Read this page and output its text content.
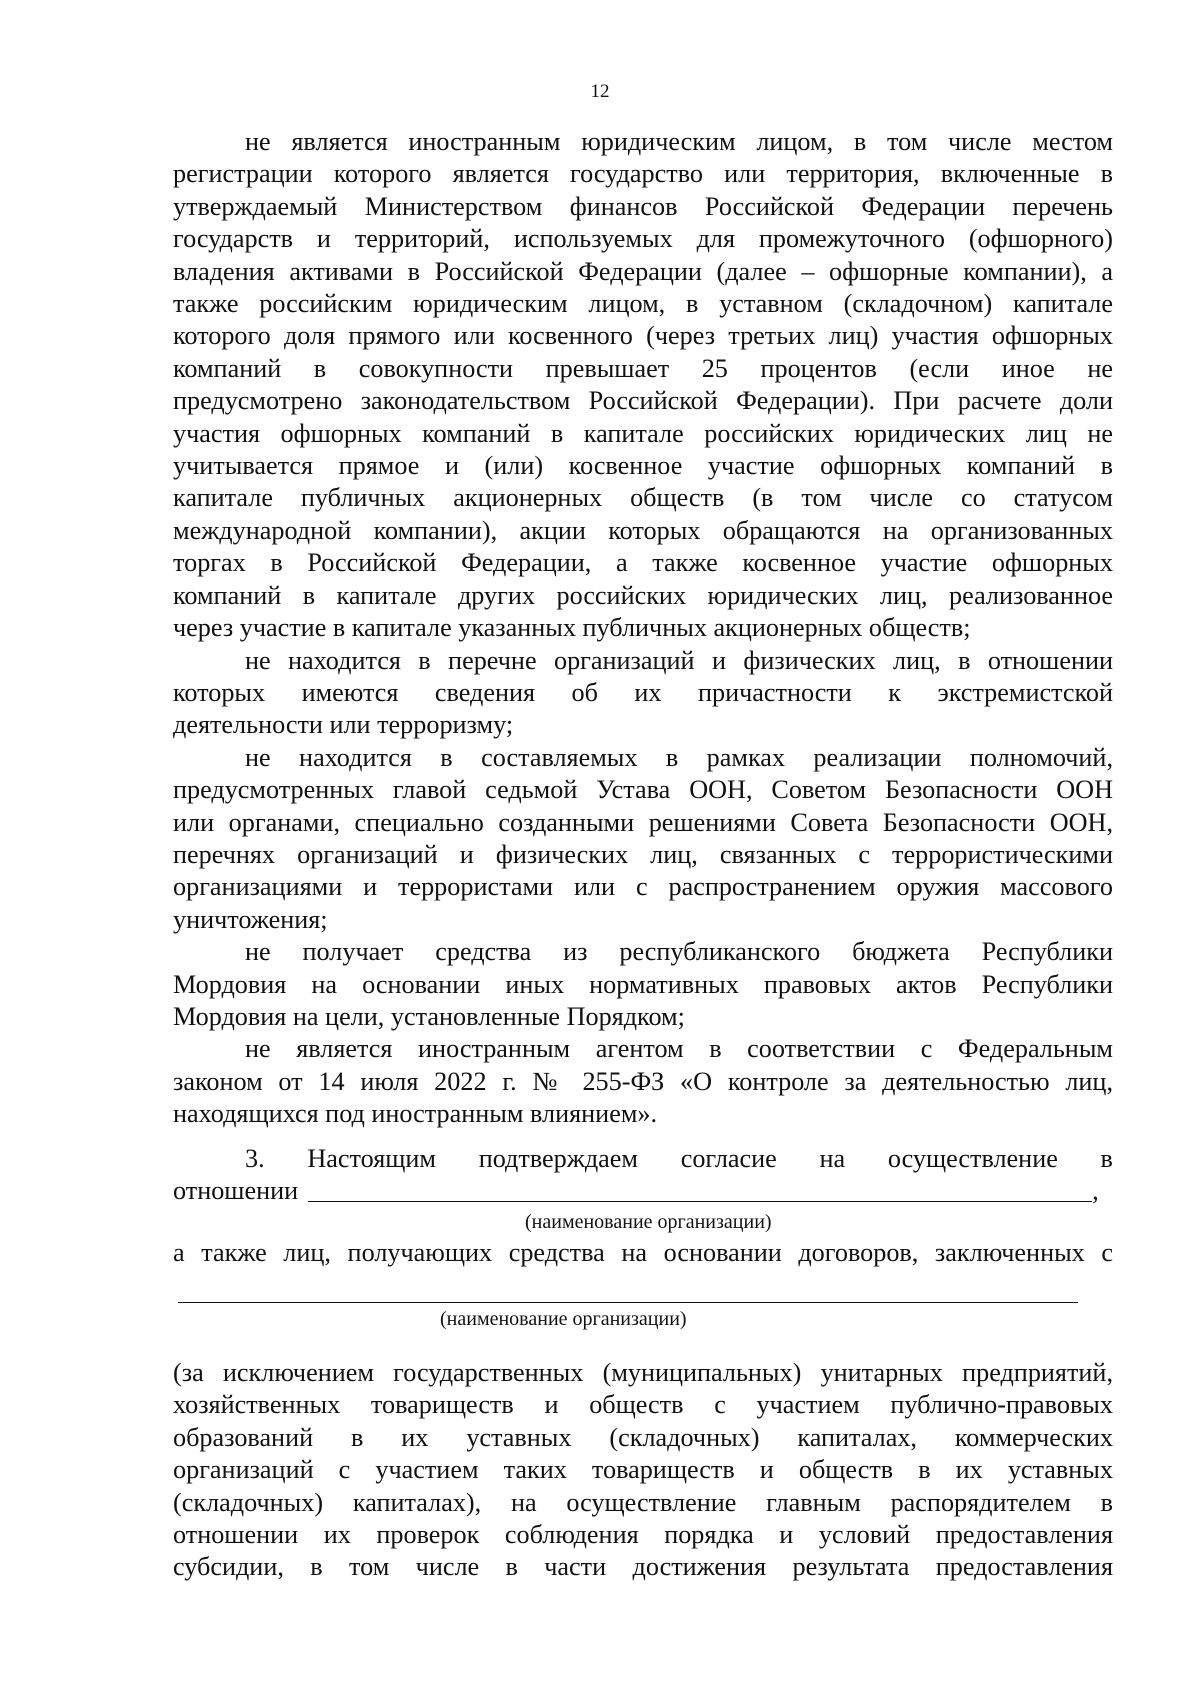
12
не является иностранным юридическим лицом, в том числе местом
регистрации которого является государство или территория, включенные в
утверждаемый Министерством финансов Российской Федерации перечень
государств и территорий, используемых для промежуточного (офшорного)
владения активами в Российской Федерации (далее – офшорные компании), а
также российским юридическим лицом, в уставном (складочном) капитале
которого доля прямого или косвенного (через третьих лиц) участия офшорных
компаний в совокупности превышает 25 процентов (если иное не
предусмотрено законодательством Российской Федерации). При расчете доли
участия офшорных компаний в капитале российских юридических лиц не
учитывается прямое и (или) косвенное участие офшорных компаний в
капитале публичных акционерных обществ (в том числе со статусом
международной компании), акции которых обращаются на организованных
торгах в Российской Федерации, а также косвенное участие офшорных
компаний в капитале других российских юридических лиц, реализованное
через участие в капитале указанных публичных акционерных обществ;
не находится в перечне организаций и физических лиц, в отношении
которых имеются сведения об их причастности к экстремистской
деятельности или терроризму;
не находится в составляемых в рамках реализации полномочий,
предусмотренных главой седьмой Устава ООН, Советом Безопасности ООН
или органами, специально созданными решениями Совета Безопасности ООН,
перечнях организаций и физических лиц, связанных с террористическими
организациями и террористами или с распространением оружия массового
уничтожения;
не получает средства из республиканского бюджета Республики
Мордовия на основании иных нормативных правовых актов Республики
Мордовия на цели, установленные Порядком;
не является иностранным агентом в соответствии с Федеральным
законом от 14 июля 2022 г. № 255-ФЗ «О контроле за деятельностью лиц,
находящихся под иностранным влиянием».
3. Настоящим подтверждаем согласие на осуществление в
отношении	,
(наименование организации)
а также лиц, получающих средства на основании договоров, заключенных с
(наименование организации)
(за исключением государственных (муниципальных) унитарных предприятий,
хозяйственных товариществ и обществ с участием публично-правовых
образований в их уставных (складочных) капиталах, коммерческих
организаций с участием таких товариществ и обществ в их уставных
(складочных) капиталах), на осуществление главным распорядителем в
отношении их проверок соблюдения порядка и условий предоставления
субсидии, в том числе в части достижения результата предоставления
